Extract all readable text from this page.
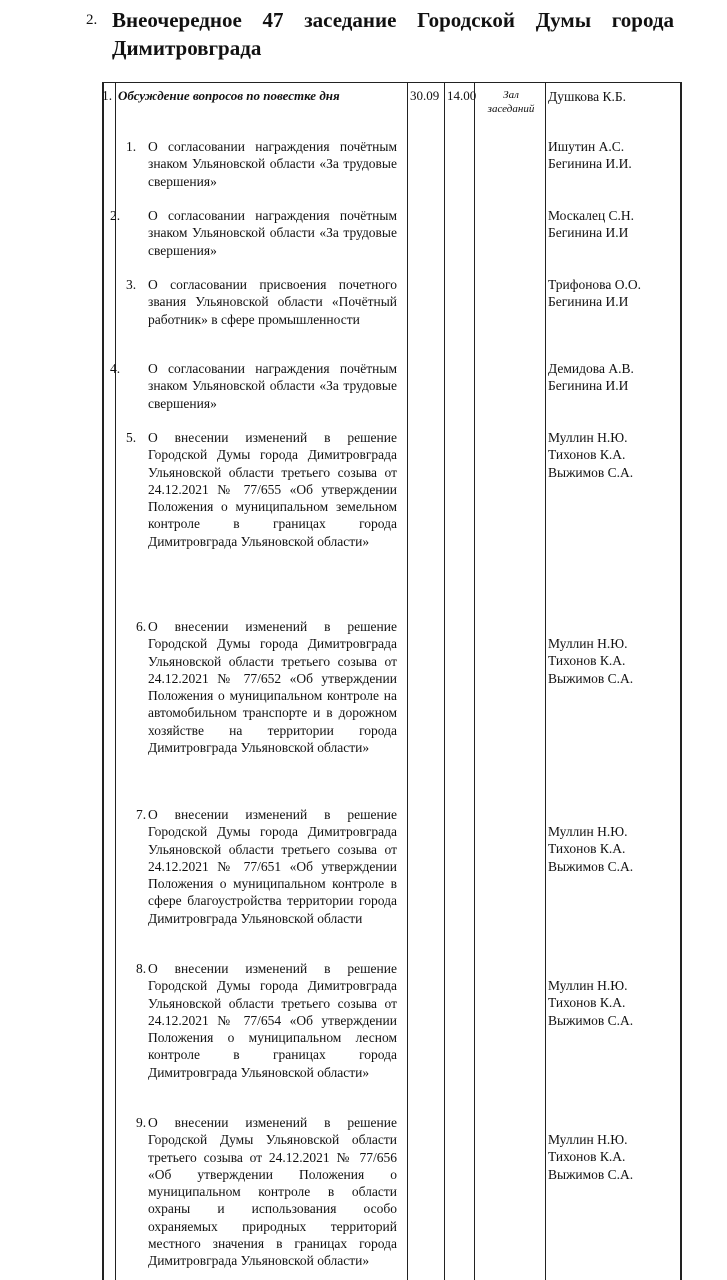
2. Внеочередное 47 заседание Городской Думы города
Димитровграда
1. Обсуждение вопросов по повестке дня	30.09 14.00	Зал
заседаний
Душкова К.Б.
1. О согласовании награждения почётным знаком Ульяновской области «За трудовые свершения»
Ишутин А.С.
Бегинина И.И.
2. О согласовании награждения почётным знаком Ульяновской области «За трудовые свершения»
Москалец С.Н.
Бегинина И.И
3. О согласовании присвоения почетного звания Ульяновской области «Почётный работник» в сфере промышленности
Трифонова О.О.
Бегинина И.И
4. О согласовании награждения почётным знаком Ульяновской области «За трудовые свершения»
Демидова А.В.
Бегинина И.И
5. О внесении изменений в решение Городской Думы города Димитровграда Ульяновской области третьего созыва от 24.12.2021 № 77/655 «Об утверждении Положения о муниципальном земельном контроле в границах города Димитровграда Ульяновской области»
Муллин Н.Ю.
Тихонов К.А.
Выжимов С.А.
6. О внесении изменений в решение Городской Думы города Димитровграда Ульяновской области третьего созыва от 24.12.2021 № 77/652 «Об утверждении Положения о муниципальном контроле на автомобильном транспорте и в дорожном хозяйстве на территории города Димитровграда Ульяновской области»
Муллин Н.Ю.
Тихонов К.А.
Выжимов С.А.
7. О внесении изменений в решение Городской Думы города Димитровграда Ульяновской области третьего созыва от 24.12.2021 № 77/651 «Об утверждении Положения о муниципальном контроле в сфере благоустройства территории города Димитровграда Ульяновской области
Муллин Н.Ю.
Тихонов К.А.
Выжимов С.А.
8. О внесении изменений в решение Городской Думы города Димитровграда Ульяновской области третьего созыва от 24.12.2021 № 77/654 «Об утверждении Положения о муниципальном лесном контроле в границах города Димитровграда Ульяновской области»
Муллин Н.Ю.
Тихонов К.А.
Выжимов С.А.
9. О внесении изменений в решение Городской Думы Ульяновской области третьего созыва от 24.12.2021 № 77/656 «Об утверждении Положения о муниципальном контроле в области охраны и использования особо охраняемых природных территорий местного значения в границах города Димитровграда Ульяновской области»
Муллин Н.Ю.
Тихонов К.А.
Выжимов С.А.
